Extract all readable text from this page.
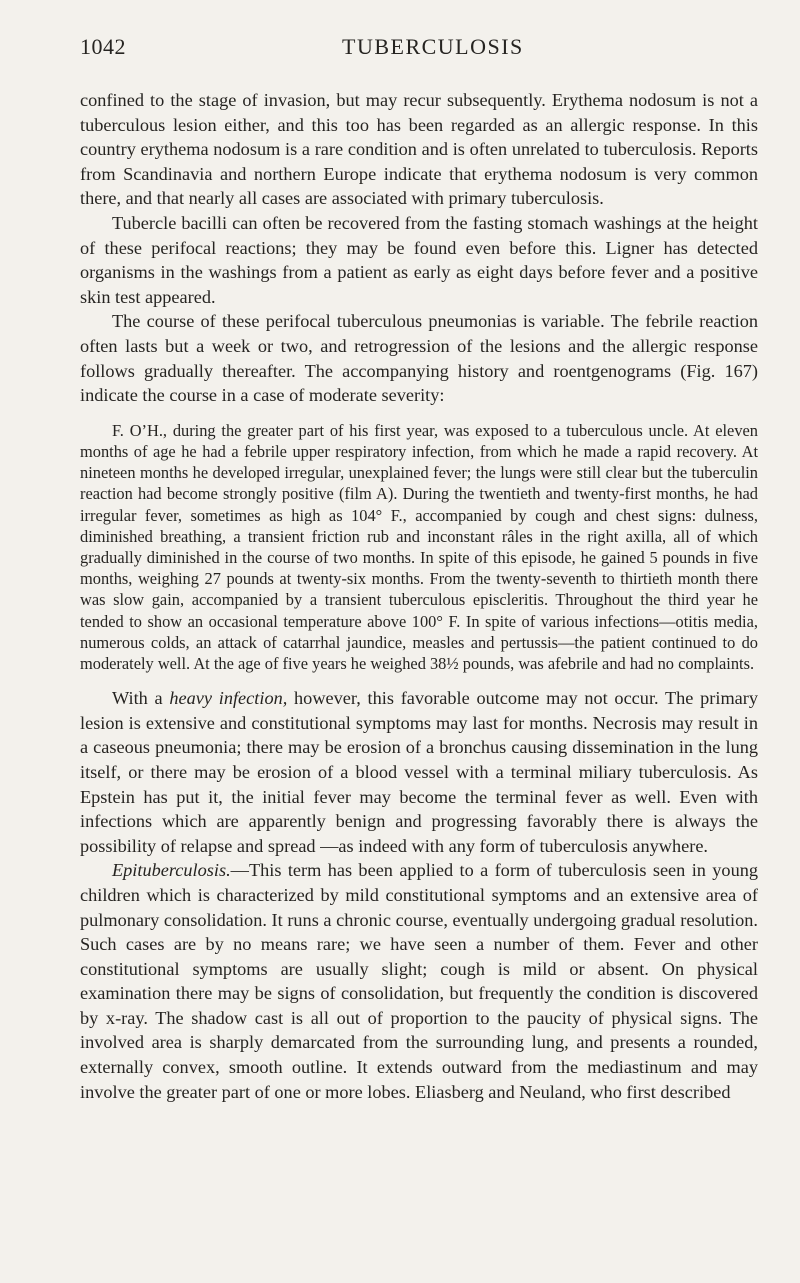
1042	TUBERCULOSIS

confined to the stage of invasion, but may recur subsequently. Erythema nodosum is not a tuberculous lesion either, and this too has been regarded as an allergic response. In this country erythema nodosum is a rare condition and is often unrelated to tuberculosis. Reports from Scandinavia and northern Europe indicate that erythema nodosum is very common there, and that nearly all cases are associated with primary tuberculosis.

Tubercle bacilli can often be recovered from the fasting stomach washings at the height of these perifocal reactions; they may be found even before this. Ligner has detected organisms in the washings from a patient as early as eight days before fever and a positive skin test appeared.

The course of these perifocal tuberculous pneumonias is variable. The febrile reaction often lasts but a week or two, and retrogression of the lesions and the allergic response follows gradually thereafter. The accompanying history and roentgenograms (Fig. 167) indicate the course in a case of moderate severity:

F. O’H., during the greater part of his first year, was exposed to a tuberculous uncle. At eleven months of age he had a febrile upper respiratory infection, from which he made a rapid recovery. At nineteen months he developed irregular, unexplained fever; the lungs were still clear but the tuberculin reaction had become strongly positive (film A). During the twentieth and twenty-first months, he had irregular fever, sometimes as high as 104° F., accompanied by cough and chest signs: dulness, diminished breathing, a transient friction rub and inconstant râles in the right axilla, all of which gradually diminished in the course of two months. In spite of this episode, he gained 5 pounds in five months, weighing 27 pounds at twenty-six months. From the twenty-seventh to thirtieth month there was slow gain, accompanied by a transient tuberculous episcleritis. Throughout the third year he tended to show an occasional temperature above 100° F. In spite of various infections—otitis media, numerous colds, an attack of catarrhal jaundice, measles and pertussis—the patient continued to do moderately well. At the age of five years he weighed 38½ pounds, was afebrile and had no complaints.

With a heavy infection, however, this favorable outcome may not occur. The primary lesion is extensive and constitutional symptoms may last for months. Necrosis may result in a caseous pneumonia; there may be erosion of a bronchus causing dissemination in the lung itself, or there may be erosion of a blood vessel with a terminal miliary tuberculosis. As Epstein has put it, the initial fever may become the terminal fever as well. Even with infections which are apparently benign and progressing favorably there is always the possibility of relapse and spread —as indeed with any form of tuberculosis anywhere.

Epituberculosis.—This term has been applied to a form of tuberculosis seen in young children which is characterized by mild constitutional symptoms and an extensive area of pulmonary consolidation. It runs a chronic course, eventually undergoing gradual resolution. Such cases are by no means rare; we have seen a number of them. Fever and other constitutional symptoms are usually slight; cough is mild or absent. On physical examination there may be signs of consolidation, but frequently the condition is discovered by x-ray. The shadow cast is all out of proportion to the paucity of physical signs. The involved area is sharply demarcated from the surrounding lung, and presents a rounded, externally convex, smooth outline. It extends outward from the mediastinum and may involve the greater part of one or more lobes. Eliasberg and Neuland, who first described
